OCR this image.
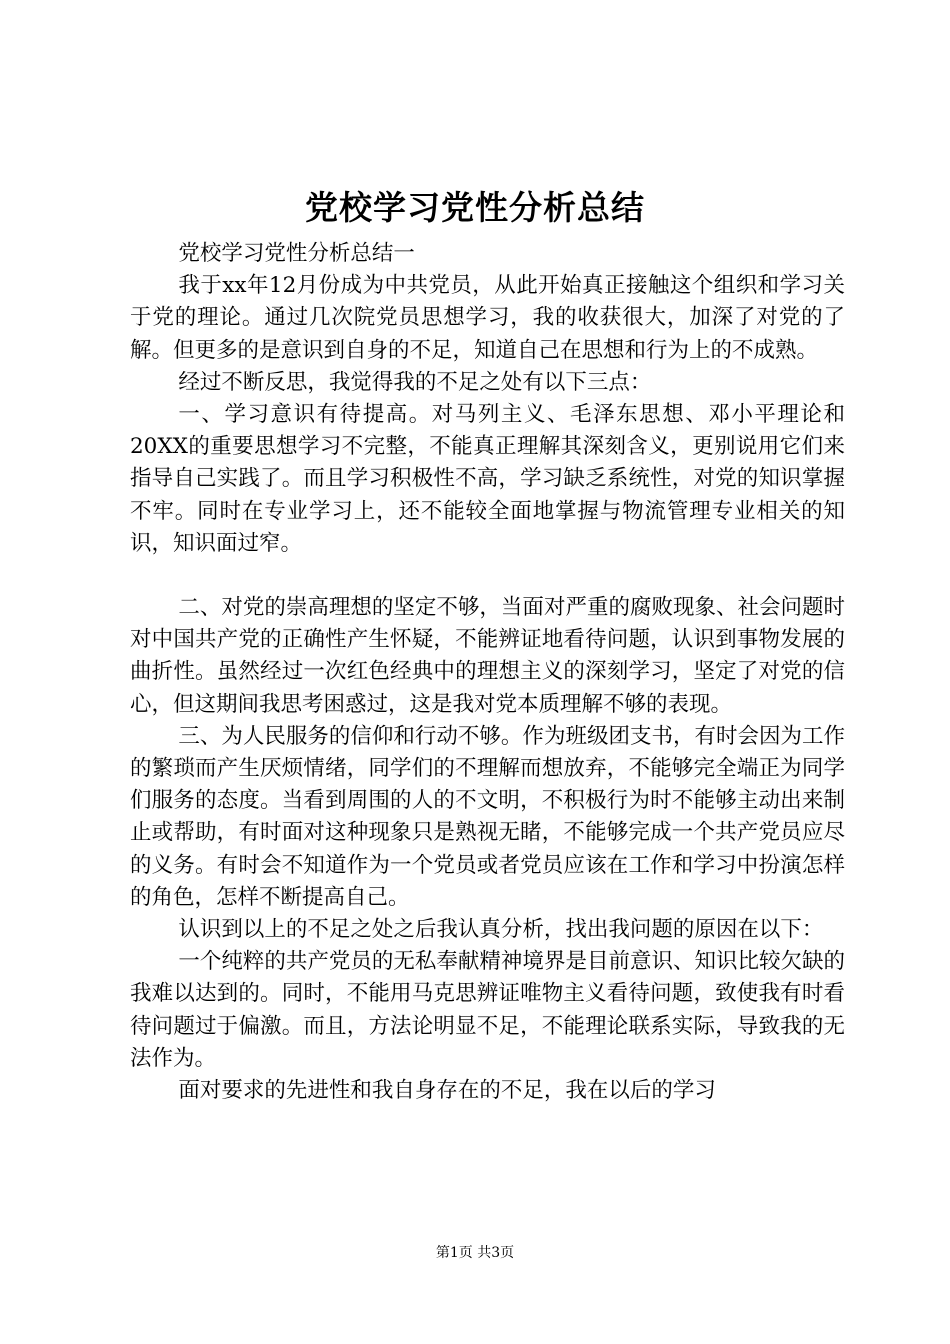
党校学习党性分析总结

党校学习党性分析总结一

我于xx年12月份成为中共党员，从此开始真正接触这个组织和学习关于党的理论。通过几次院党员思想学习，我的收获很大，加深了对党的了解。但更多的是意识到自身的不足，知道自己在思想和行为上的不成熟。

经过不断反思，我觉得我的不足之处有以下三点：

一、学习意识有待提高。对马列主义、毛泽东思想、邓小平理论和20XX的重要思想学习不完整，不能真正理解其深刻含义，更别说用它们来指导自己实践了。而且学习积极性不高，学习缺乏系统性，对党的知识掌握不牢。同时在专业学习上，还不能较全面地掌握与物流管理专业相关的知识，知识面过窄。

二、对党的崇高理想的坚定不够，当面对严重的腐败现象、社会问题时对中国共产党的正确性产生怀疑，不能辨证地看待问题，认识到事物发展的曲折性。虽然经过一次红色经典中的理想主义的深刻学习，坚定了对党的信心，但这期间我思考困惑过，这是我对党本质理解不够的表现。

三、为人民服务的信仰和行动不够。作为班级团支书，有时会因为工作的繁琐而产生厌烦情绪，同学们的不理解而想放弃，不能够完全端正为同学们服务的态度。当看到周围的人的不文明，不积极行为时不能够主动出来制止或帮助，有时面对这种现象只是熟视无睹，不能够完成一个共产党员应尽的义务。有时会不知道作为一个党员或者党员应该在工作和学习中扮演怎样的角色，怎样不断提高自己。

认识到以上的不足之处之后我认真分析，找出我问题的原因在以下：

一个纯粹的共产党员的无私奉献精神境界是目前意识、知识比较欠缺的我难以达到的。同时，不能用马克思辨证唯物主义看待问题，致使我有时看待问题过于偏激。而且，方法论明显不足，不能理论联系实际，导致我的无法作为。

面对要求的先进性和我自身存在的不足，我在以后的学习

第1页 共3页
